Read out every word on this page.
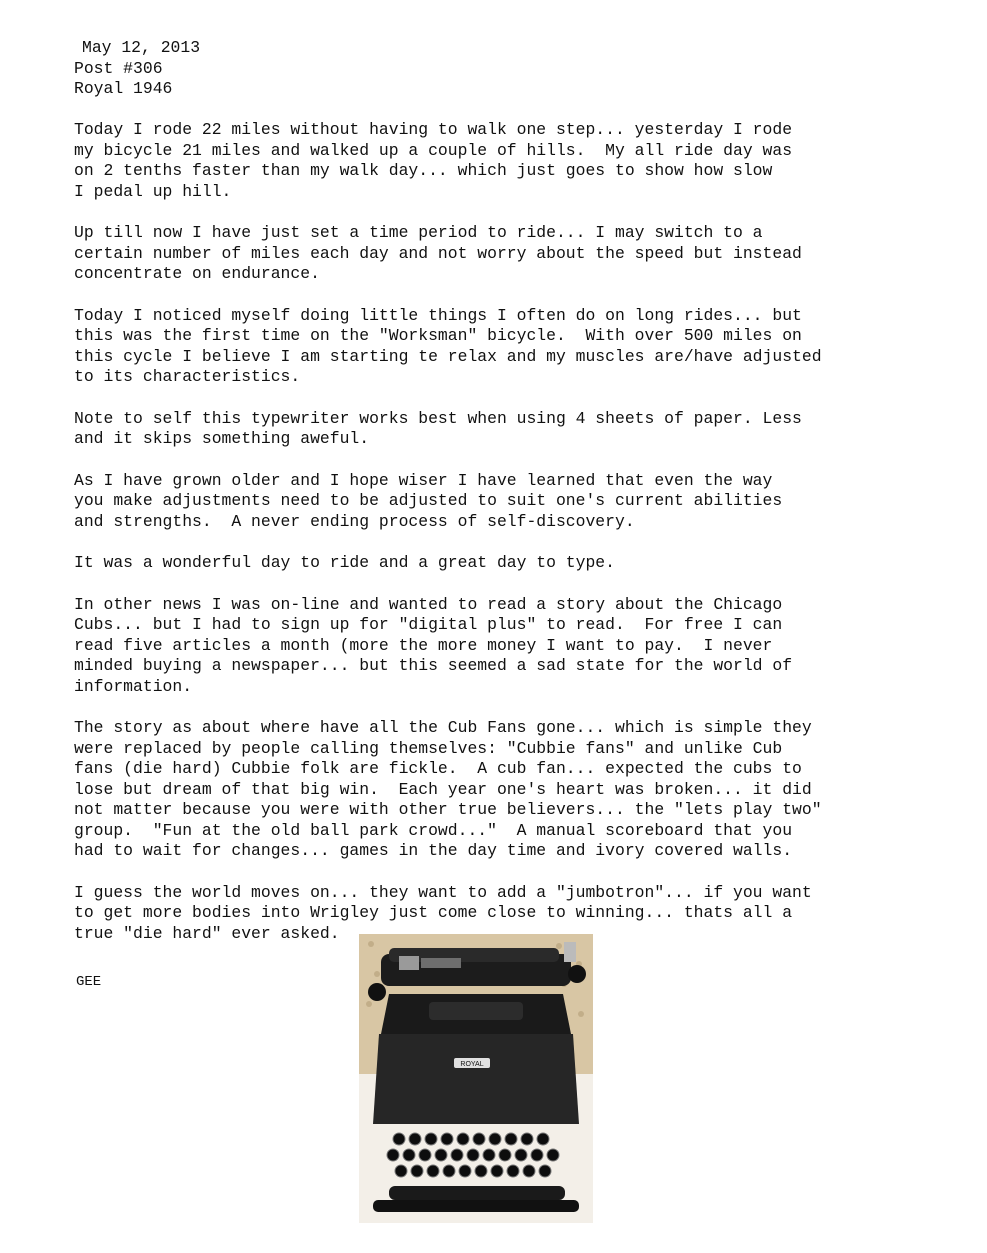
May 12, 2013
Post #306
Royal 1946
Today I rode 22 miles without having to walk one step... yesterday I rode
my bicycle 21 miles and walked up a couple of hills.  My all ride day was
on 2 tenths faster than my walk day... which just goes to show how slow
I pedal up hill.
Up till now I have just set a time period to ride... I may switch to a
certain number of miles each day and not worry about the speed but instead
concentrate on endurance.
Today I noticed myself doing little things I often do on long rides... but
this was the first time on the "Worksman" bicycle.  With over 500 miles on
this cycle I believe I am starting te relax and my muscles are/have adjusted
to its characteristics.
Note to self this typewriter works best when using 4 sheets of paper. Less
and it skips something aweful.
As I have grown older and I hope wiser I have learned that even the way
you make adjustments need to be adjusted to suit one's current abilities
and strengths.  A never ending process of self-discovery.
It was a wonderful day to ride and a great day to type.
In other news I was on-line and wanted to read a story about the Chicago
Cubs... but I had to sign up for "digital plus" to read.  For free I can
read five articles a month (more the more money I want to pay.  I never
minded buying a newspaper... but this seemed a sad state for the world of
information.
The story as about where have all the Cub Fans gone... which is simple they
were replaced by people calling themselves: "Cubbie fans" and unlike Cub
fans (die hard) Cubbie folk are fickle.  A cub fan... expected the cubs to
lose but dream of that big win.  Each year one's heart was broken... it did
not matter because you were with other true believers... the "lets play two"
group.  "Fun at the old ball park crowd..."  A manual scoreboard that you
had to wait for changes... games in the day time and ivory covered walls.
I guess the world moves on... they want to add a "jumbotron"... if you want
to get more bodies into Wrigley just come close to winning... thats all a
true "die hard" ever asked.
GEE
ROYAL
